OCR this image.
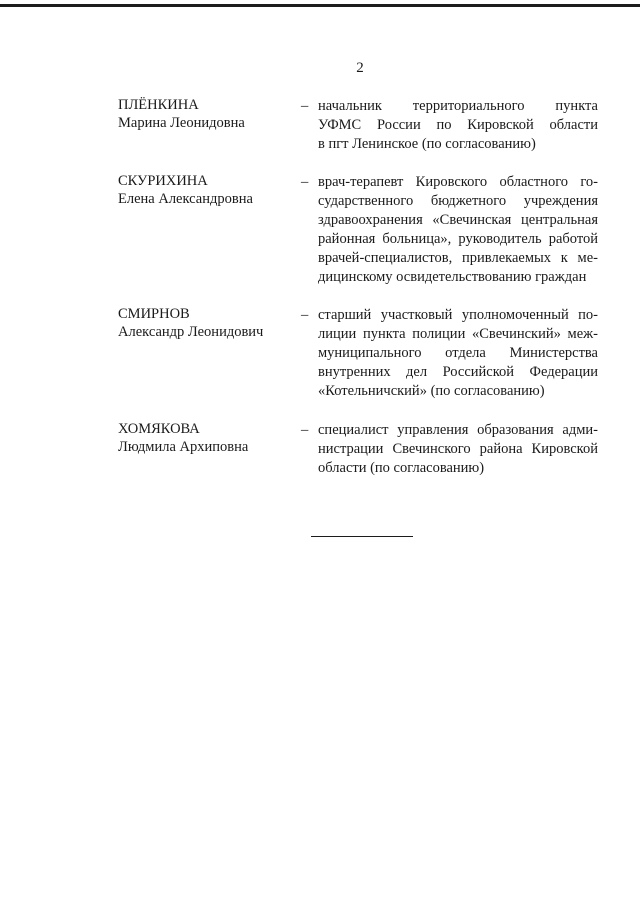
2
ПЛЁНКИНА
Марина Леонидовна
– начальник территориального пункта
УФМС России по Кировской области
в пгт Ленинское (по согласованию)
СКУРИХИНА
Елена Александровна
– врач-терапевт Кировского областного го-
сударственного бюджетного учреждения
здравоохранения «Свечинская центральная
районная больница», руководитель работой
врачей-специалистов, привлекаемых к ме-
дицинскому освидетельствованию граждан
СМИРНОВ
Александр Леонидович
– старший участковый уполномоченный по-
лиции пункта полиции «Свечинский» меж-
муниципального отдела Министерства
внутренних дел Российской Федерации
«Котельничский» (по согласованию)
ХОМЯКОВА
Людмила Архиповна
– специалист управления образования адми-
нистрации Свечинского района Кировской
области (по согласованию)
